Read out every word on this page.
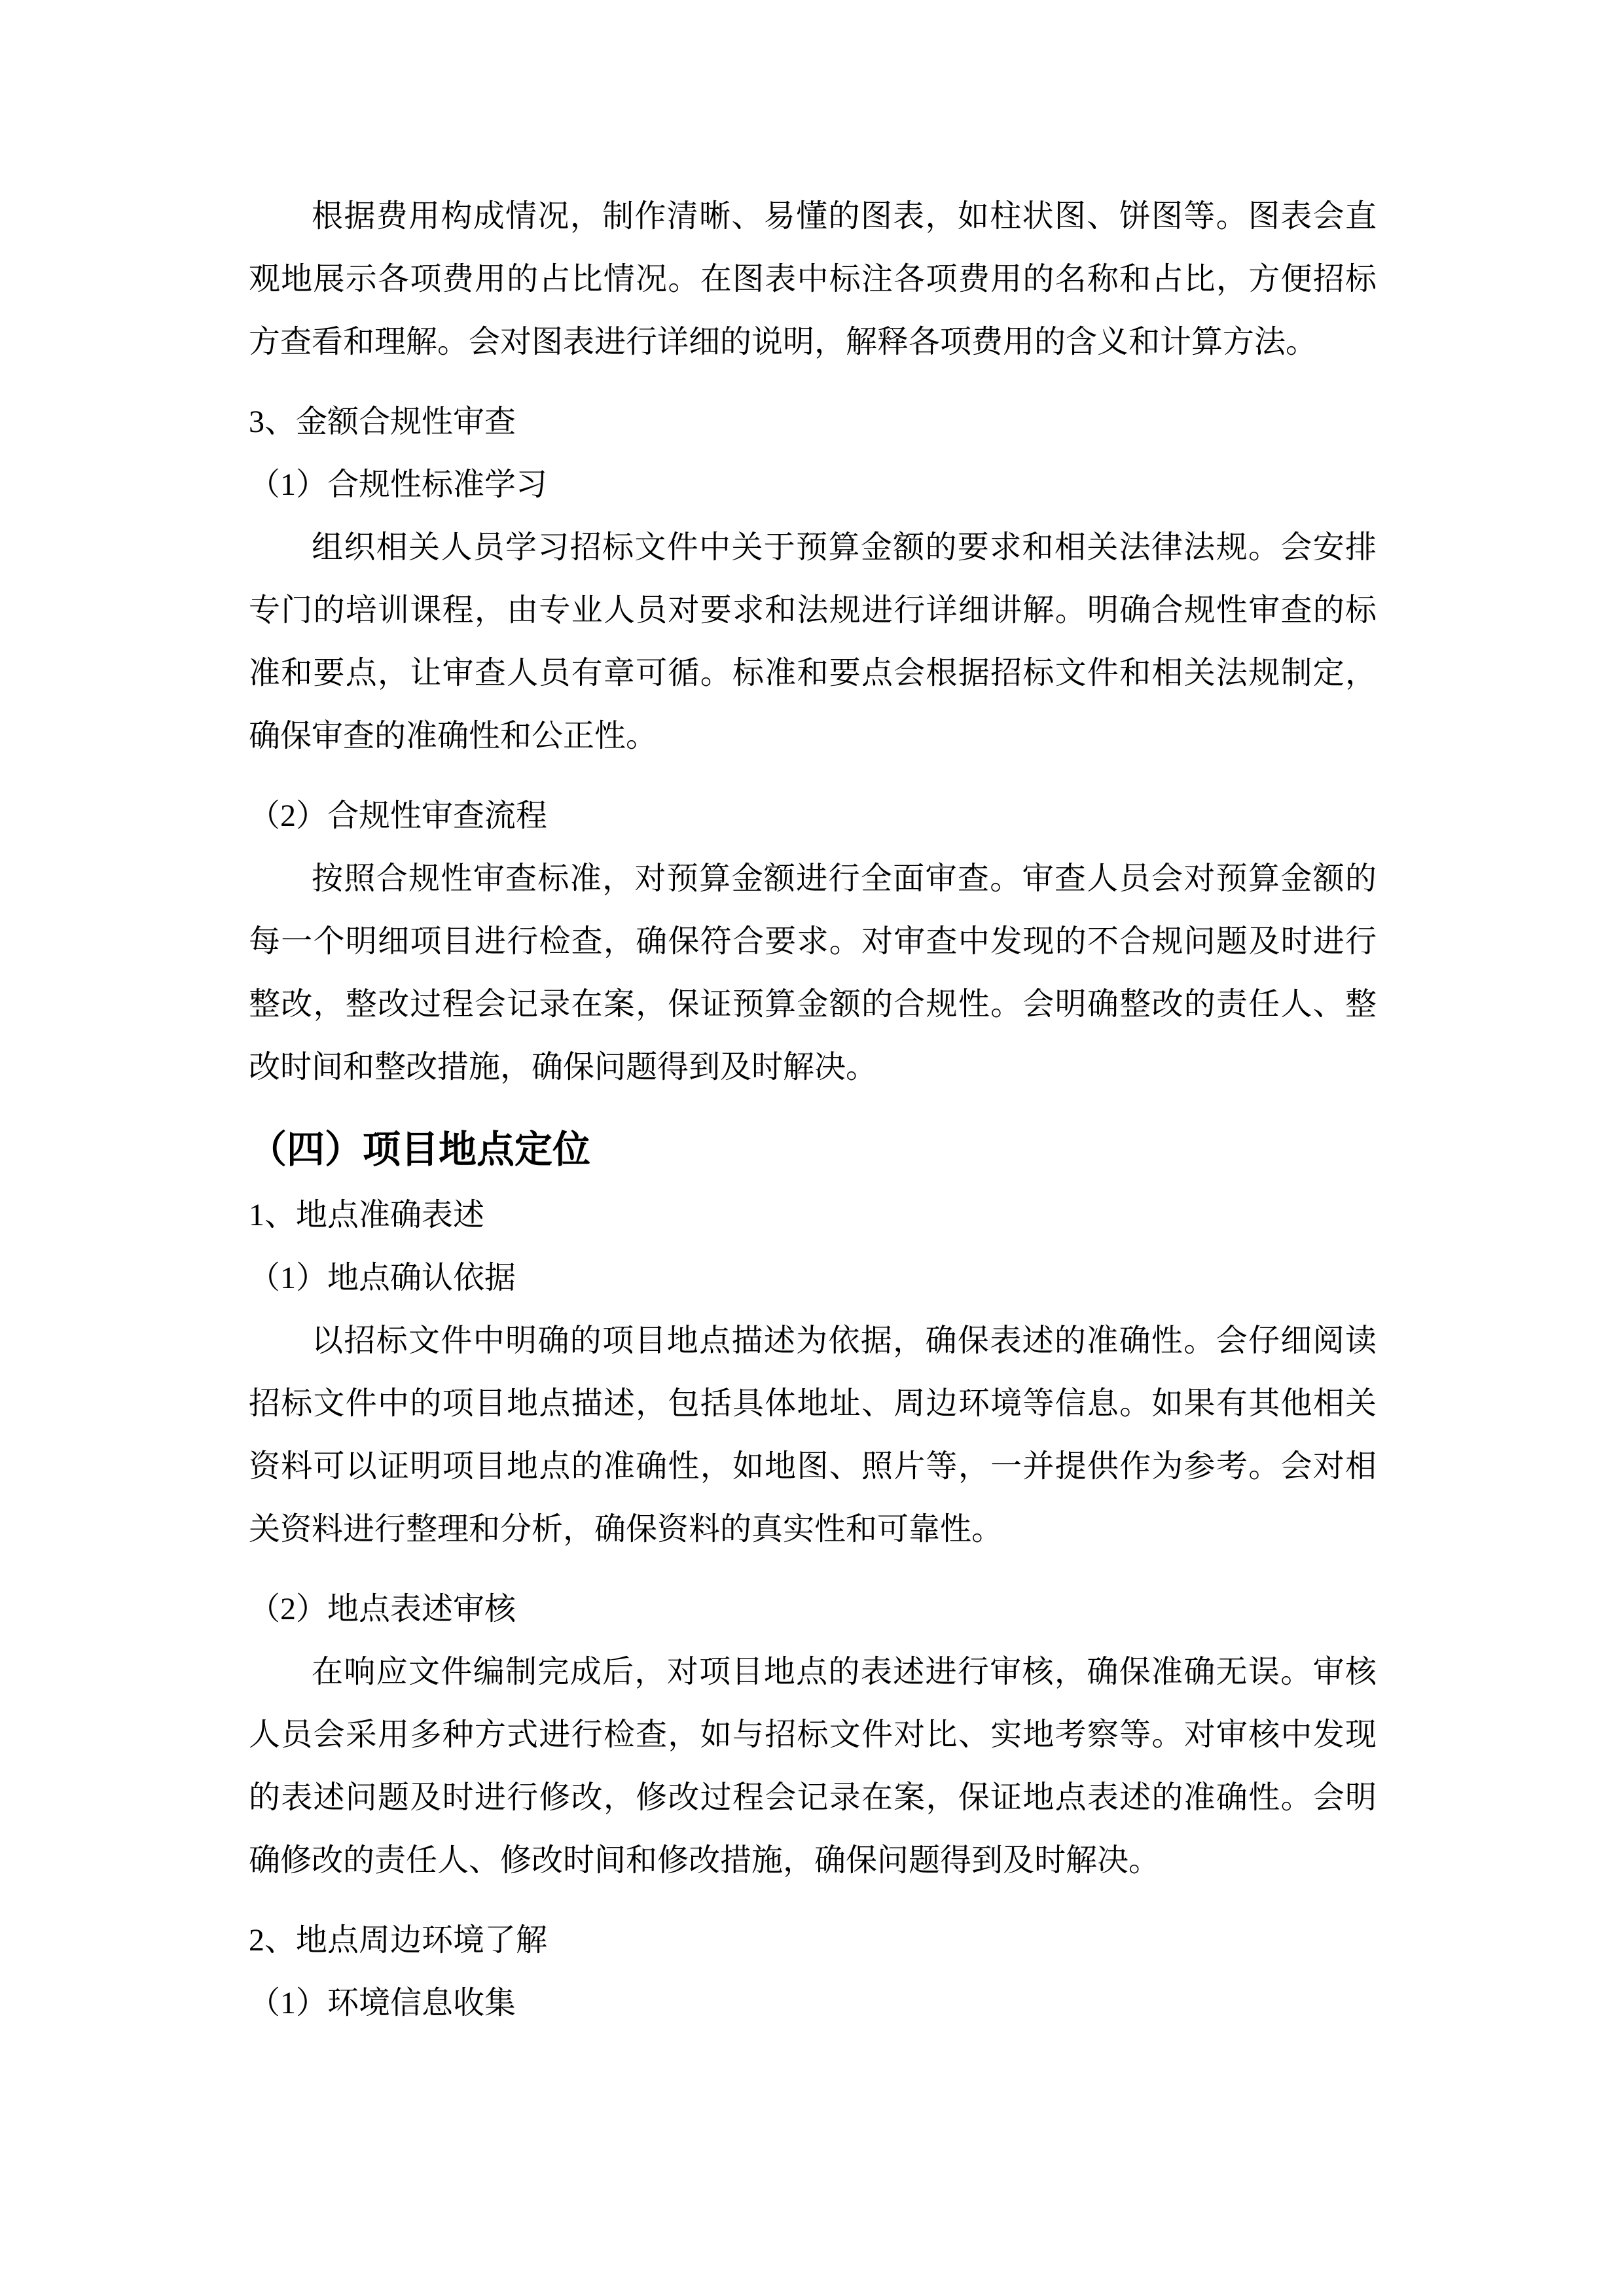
根据费用构成情况，制作清晰、易懂的图表，如柱状图、饼图等。图表会直观地展示各项费用的占比情况。在图表中标注各项费用的名称和占比，方便招标方查看和理解。会对图表进行详细的说明，解释各项费用的含义和计算方法。
3、金额合规性审查
（1）合规性标准学习
组织相关人员学习招标文件中关于预算金额的要求和相关法律法规。会安排专门的培训课程，由专业人员对要求和法规进行详细讲解。明确合规性审查的标准和要点，让审查人员有章可循。标准和要点会根据招标文件和相关法规制定，确保审查的准确性和公正性。
（2）合规性审查流程
按照合规性审查标准，对预算金额进行全面审查。审查人员会对预算金额的每一个明细项目进行检查，确保符合要求。对审查中发现的不合规问题及时进行整改，整改过程会记录在案，保证预算金额的合规性。会明确整改的责任人、整改时间和整改措施，确保问题得到及时解决。
（四）项目地点定位
1、地点准确表述
（1）地点确认依据
以招标文件中明确的项目地点描述为依据，确保表述的准确性。会仔细阅读招标文件中的项目地点描述，包括具体地址、周边环境等信息。如果有其他相关资料可以证明项目地点的准确性，如地图、照片等，一并提供作为参考。会对相关资料进行整理和分析，确保资料的真实性和可靠性。
（2）地点表述审核
在响应文件编制完成后，对项目地点的表述进行审核，确保准确无误。审核人员会采用多种方式进行检查，如与招标文件对比、实地考察等。对审核中发现的表述问题及时进行修改，修改过程会记录在案，保证地点表述的准确性。会明确修改的责任人、修改时间和修改措施，确保问题得到及时解决。
2、地点周边环境了解
（1）环境信息收集
